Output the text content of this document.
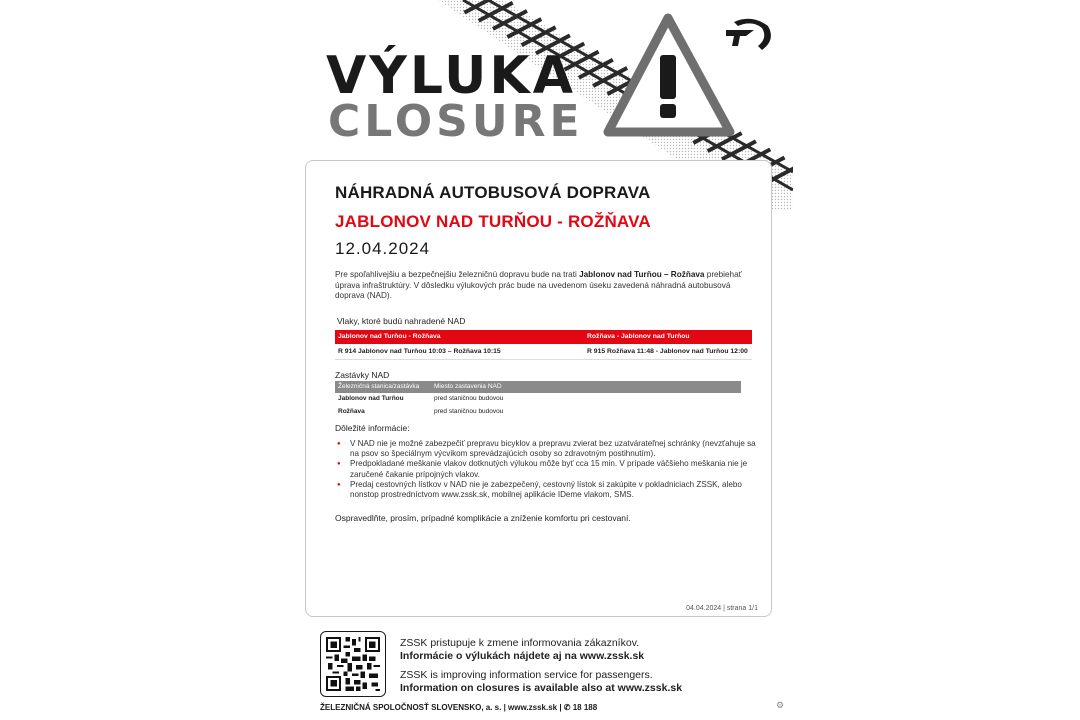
VÝLUKA
CLOSURE
NÁHRADNÁ AUTOBUSOVÁ DOPRAVA
JABLONOV NAD TURŇOU - ROŽŇAVA
12.04.2024
Pre spoľahlivejšiu a bezpečnejšiu železničnú dopravu bude na trati Jablonov nad Turňou – Rožňava prebiehať úprava infraštruktúry. V dôsledku výlukových prác bude na uvedenom úseku zavedená náhradná autobusová doprava (NAD).
Vlaky, ktoré budú nahradené NAD
Jablonov nad Turňou - Rožňava	Rožňava - Jablonov nad Turňou
R 914 Jablonov nad Turňou 10:03 – Rožňava 10:15	R 915 Rožňava 11:48 - Jablonov nad Turňou 12:00
Zastávky NAD
Železničná stanica/zastávka Miesto zastavenia NAD
Jablonov nad Turňou	pred staničnou budovou
Rožňava	pred staničnou budovou
Dôležité informácie:
● V NAD nie je možné zabezpečiť prepravu bicyklov a prepravu zvierat bez uzatvárateľnej schránky (nevzťahuje sa na psov so špeciálnym výcvikom sprevádzajúcich osoby so zdravotným postihnutím).
● Predpokladané meškanie vlakov dotknutých výlukou môže byť cca 15 min. V prípade väčšieho meškania nie je zaručené čakanie prípojných vlakov.
● Predaj cestovných lístkov v NAD nie je zabezpečený, cestovný lístok si zakúpite v pokladniciach ZSSK, alebo nonstop prostredníctvom www.zssk.sk, mobilnej aplikácie IDeme vlakom, SMS.
Ospravedlňte, prosím, prípadné komplikácie a zníženie komfortu pri cestovaní.
04.04.2024 | strana 1/1
ZSSK pristupuje k zmene informovania zákazníkov.
Informácie o výlukách nájdete aj na www.zssk.sk
ZSSK is improving information service for passengers.
Information on closures is available also at www.zssk.sk
ŽELEZNIČNÁ SPOLOČNOSŤ SLOVENSKO, a. s. | www.zssk.sk | ✆ 18 188	⚙
